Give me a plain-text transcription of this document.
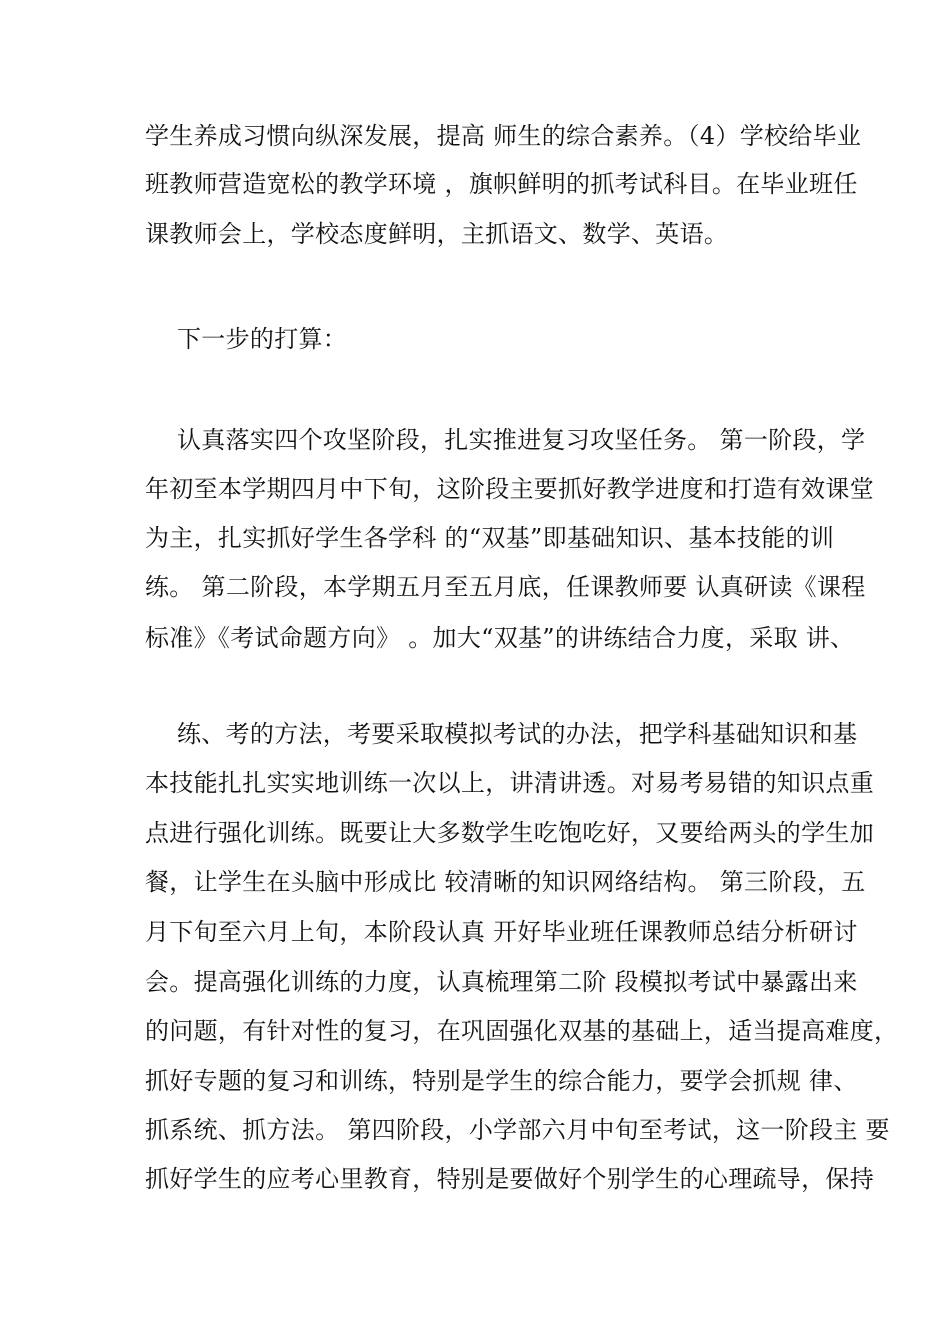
学生养成习惯向纵深发展，提高 师生的综合素养。（4）学校给毕业
班教师营造宽松的教学环境 ，旗帜鲜明的抓考试科目。在毕业班任
课教师会上，学校态度鲜明，主抓语文、数学、英语。
下一步的打算：
认真落实四个攻坚阶段，扎实推进复习攻坚任务。 第一阶段，学
年初至本学期四月中下旬，这阶段主要抓好教学进度和打造有效课堂
为主，扎实抓好学生各学科 的“双基”即基础知识、基本技能的训
练。 第二阶段，本学期五月至五月底，任课教师要 认真研读《课程
标准》《考试命题方向》 。加大“双基”的讲练结合力度，采取 讲、
练、考的方法，考要采取模拟考试的办法，把学科基础知识和基
本技能扎扎实实地训练一次以上，讲清讲透。对易考易错的知识点重
点进行强化训练。既要让大多数学生吃饱吃好，又要给两头的学生加
餐，让学生在头脑中形成比 较清晰的知识网络结构。 第三阶段，五
月下旬至六月上旬，本阶段认真 开好毕业班任课教师总结分析研讨
会。提高强化训练的力度，认真梳理第二阶 段模拟考试中暴露出来
的问题，有针对性的复习，在巩固强化双基的基础上，适当提高难度，
抓好专题的复习和训练，特别是学生的综合能力，要学会抓规 律、
抓系统、抓方法。 第四阶段，小学部六月中旬至考试，这一阶段主 要
抓好学生的应考心里教育，特别是要做好个别学生的心理疏导，保持
